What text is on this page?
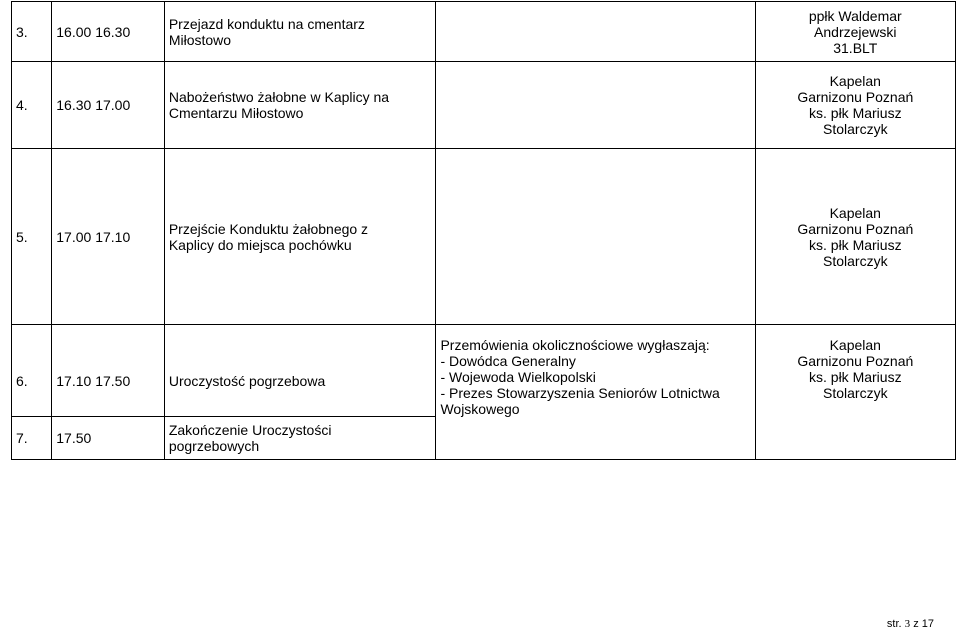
3.	16.00 16.30	Przejazd konduktu na cmentarz
Miłostowo		ppłk Waldemar
Andrzejewski
31.BLT

4.	16.30 17.00	Nabożeństwo żałobne w Kaplicy na
Cmentarzu Miłostowo		Kapelan
Garnizonu Poznań
ks. płk Mariusz
Stolarczyk

5.	17.00 17.10	Przejście Konduktu żałobnego z
Kaplicy do miejsca pochówku		Kapelan
Garnizonu Poznań
ks. płk Mariusz
Stolarczyk

6.	17.10 17.50	Uroczystość pogrzebowa	Przemówienia okolicznościowe wygłaszają:
- Dowódca Generalny
- Wojewoda Wielkopolski
- Prezes Stowarzyszenia Seniorów Lotnictwa
Wojskowego	Kapelan
Garnizonu Poznań
ks. płk Mariusz
Stolarczyk

7.	17.50	Zakończenie Uroczystości
pogrzebowych		
str. 3 z 17
